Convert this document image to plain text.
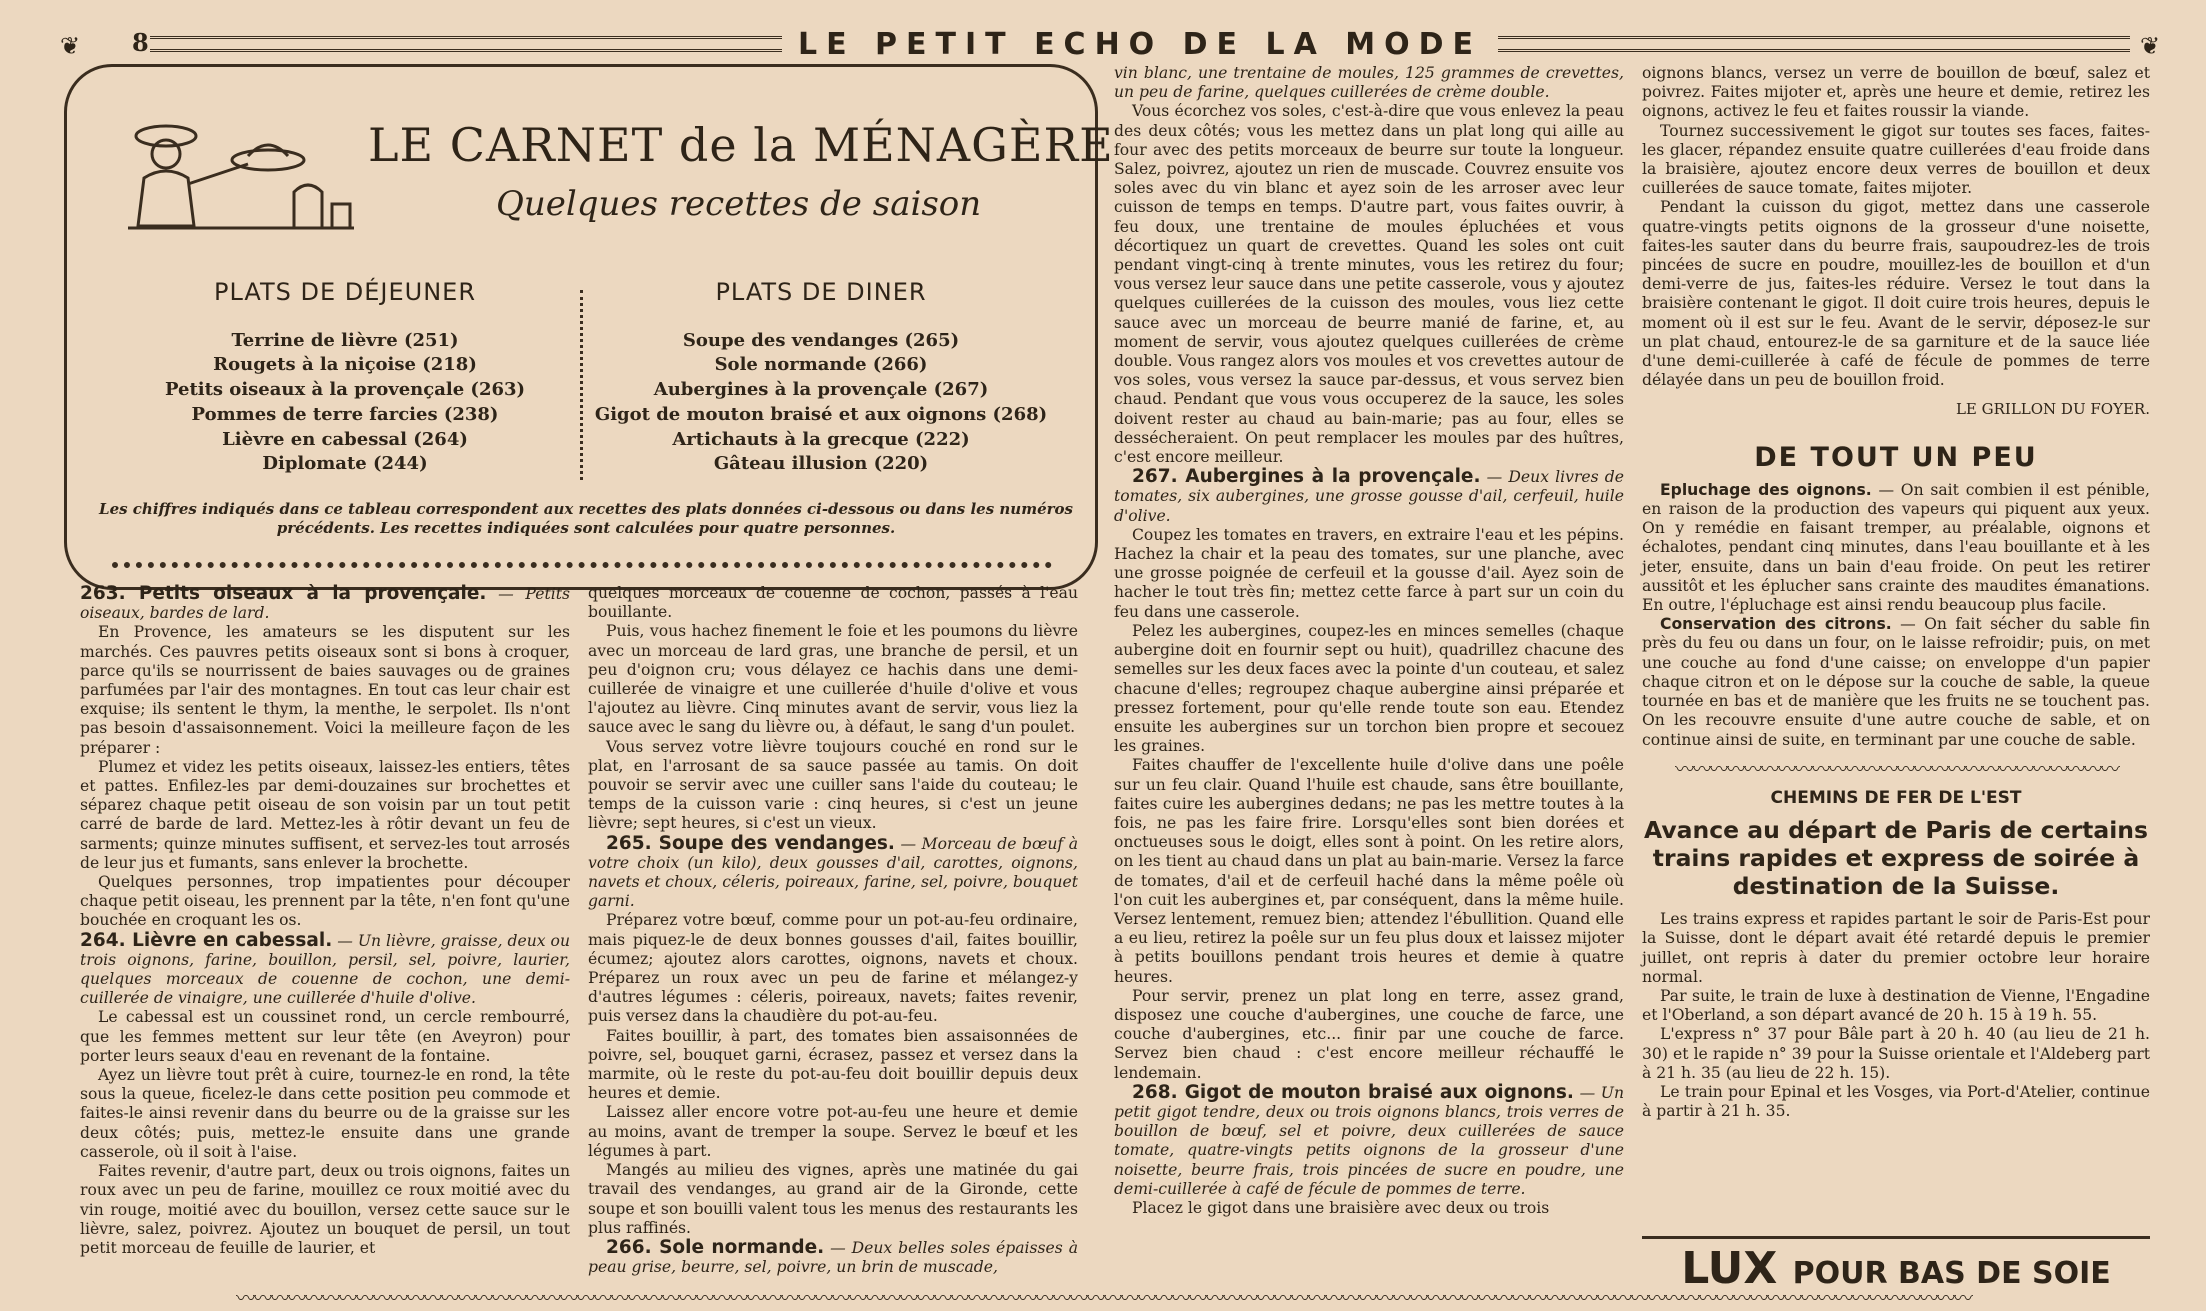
❦ 8	LE PETIT ECHO DE LA MODE	❦
LE CARNET de la MÉNAGÈRE
Quelques recettes de saison
PLATS DE DÉJEUNER
Terrine de lièvre (251)
Rougets à la niçoise (218)
Petits oiseaux à la provençale (263)
Pommes de terre farcies (238)
Lièvre en cabessal (264)
Diplomate (244)
PLATS DE DINER
Soupe des vendanges (265)
Sole normande (266)
Aubergines à la provençale (267)
Gigot de mouton braisé et aux oignons (268)
Artichauts à la grecque (222)
Gâteau illusion (220)
Les chiffres indiqués dans ce tableau correspondent aux recettes des plats données ci-dessous ou dans les numéros précédents. Les recettes indiquées sont calculées pour quatre personnes.

263. Petits oiseaux à la provençale. — Petits oiseaux, bardes de lard.

En Provence, les amateurs se les disputent sur les marchés. Ces pauvres petits oiseaux sont si bons à croquer, parce qu'ils se nourrissent de baies sauvages ou de graines parfumées par l'air des montagnes. En tout cas leur chair est exquise; ils sentent le thym, la menthe, le serpolet. Ils n'ont pas besoin d'assaisonnement. Voici la meilleure façon de les préparer :

Plumez et videz les petits oiseaux, laissez-les entiers, têtes et pattes. Enfilez-les par demi-douzaines sur brochettes et séparez chaque petit oiseau de son voisin par un tout petit carré de barde de lard. Mettez-les à rôtir devant un feu de sarments; quinze minutes suffisent, et servez-les tout arrosés de leur jus et fumants, sans enlever la brochette.

Quelques personnes, trop impatientes pour découper chaque petit oiseau, les prennent par la tête, n'en font qu'une bouchée en croquant les os.

264. Lièvre en cabessal. — Un lièvre, graisse, deux ou trois oignons, farine, bouillon, persil, sel, poivre, laurier, quelques morceaux de couenne de cochon, une demi-cuillerée de vinaigre, une cuillerée d'huile d'olive.

Le cabessal est un coussinet rond, un cercle rembourré, que les femmes mettent sur leur tête (en Aveyron) pour porter leurs seaux d'eau en revenant de la fontaine.

Ayez un lièvre tout prêt à cuire, tournez-le en rond, la tête sous la queue, ficelez-le dans cette position peu commode et faites-le ainsi revenir dans du beurre ou de la graisse sur les deux côtés; puis, mettez-le ensuite dans une grande casserole, où il soit à l'aise.

Faites revenir, d'autre part, deux ou trois oignons, faites un roux avec un peu de farine, mouillez ce roux moitié avec du vin rouge, moitié avec du bouillon, versez cette sauce sur le lièvre, salez, poivrez. Ajoutez un bouquet de persil, un tout petit morceau de feuille de laurier, et

quelques morceaux de couenne de cochon, passés à l'eau bouillante.

Puis, vous hachez finement le foie et les poumons du lièvre avec un morceau de lard gras, une branche de persil, et un peu d'oignon cru; vous délayez ce hachis dans une demi-cuillerée de vinaigre et une cuillerée d'huile d'olive et vous l'ajoutez au lièvre. Cinq minutes avant de servir, vous liez la sauce avec le sang du lièvre ou, à défaut, le sang d'un poulet.

Vous servez votre lièvre toujours couché en rond sur le plat, en l'arrosant de sa sauce passée au tamis. On doit pouvoir se servir avec une cuiller sans l'aide du couteau; le temps de la cuisson varie : cinq heures, si c'est un jeune lièvre; sept heures, si c'est un vieux.

265. Soupe des vendanges. — Morceau de bœuf à votre choix (un kilo), deux gousses d'ail, carottes, oignons, navets et choux, céleris, poireaux, farine, sel, poivre, bouquet garni.

Préparez votre bœuf, comme pour un pot-au-feu ordinaire, mais piquez-le de deux bonnes gousses d'ail, faites bouillir, écumez; ajoutez alors carottes, oignons, navets et choux. Préparez un roux avec un peu de farine et mélangez-y d'autres légumes : céleris, poireaux, navets; faites revenir, puis versez dans la chaudière du pot-au-feu.

Faites bouillir, à part, des tomates bien assaisonnées de poivre, sel, bouquet garni, écrasez, passez et versez dans la marmite, où le reste du pot-au-feu doit bouillir depuis deux heures et demie.

Laissez aller encore votre pot-au-feu une heure et demie au moins, avant de tremper la soupe. Servez le bœuf et les légumes à part.

Mangés au milieu des vignes, après une matinée du gai travail des vendanges, au grand air de la Gironde, cette soupe et son bouilli valent tous les menus des restaurants les plus raffinés.

266. Sole normande. — Deux belles soles épaisses à peau grise, beurre, sel, poivre, un brin de muscade,

vin blanc, une trentaine de moules, 125 grammes de crevettes, un peu de farine, quelques cuillerées de crème double.

Vous écorchez vos soles, c'est-à-dire que vous enlevez la peau des deux côtés; vous les mettez dans un plat long qui aille au four avec des petits morceaux de beurre sur toute la longueur. Salez, poivrez, ajoutez un rien de muscade. Couvrez ensuite vos soles avec du vin blanc et ayez soin de les arroser avec leur cuisson de temps en temps. D'autre part, vous faites ouvrir, à feu doux, une trentaine de moules épluchées et vous décortiquez un quart de crevettes. Quand les soles ont cuit pendant vingt-cinq à trente minutes, vous les retirez du four; vous versez leur sauce dans une petite casserole, vous y ajoutez quelques cuillerées de la cuisson des moules, vous liez cette sauce avec un morceau de beurre manié de farine, et, au moment de servir, vous ajoutez quelques cuillerées de crème double. Vous rangez alors vos moules et vos crevettes autour de vos soles, vous versez la sauce par-dessus, et vous servez bien chaud. Pendant que vous vous occuperez de la sauce, les soles doivent rester au chaud au bain-marie; pas au four, elles se dessécheraient. On peut remplacer les moules par des huîtres, c'est encore meilleur.

267. Aubergines à la provençale. — Deux livres de tomates, six aubergines, une grosse gousse d'ail, cerfeuil, huile d'olive.

Coupez les tomates en travers, en extraire l'eau et les pépins. Hachez la chair et la peau des tomates, sur une planche, avec une grosse poignée de cerfeuil et la gousse d'ail. Ayez soin de hacher le tout très fin; mettez cette farce à part sur un coin du feu dans une casserole.

Pelez les aubergines, coupez-les en minces semelles (chaque aubergine doit en fournir sept ou huit), quadrillez chacune des semelles sur les deux faces avec la pointe d'un couteau, et salez chacune d'elles; regroupez chaque aubergine ainsi préparée et pressez fortement, pour qu'elle rende toute son eau. Etendez ensuite les aubergines sur un torchon bien propre et secouez les graines.

Faites chauffer de l'excellente huile d'olive dans une poêle sur un feu clair. Quand l'huile est chaude, sans être bouillante, faites cuire les aubergines dedans; ne pas les mettre toutes à la fois, ne pas les faire frire. Lorsqu'elles sont bien dorées et onctueuses sous le doigt, elles sont à point. On les retire alors, on les tient au chaud dans un plat au bain-marie. Versez la farce de tomates, d'ail et de cerfeuil haché dans la même poêle où l'on cuit les aubergines et, par conséquent, dans la même huile. Versez lentement, remuez bien; attendez l'ébullition. Quand elle a eu lieu, retirez la poêle sur un feu plus doux et laissez mijoter à petits bouillons pendant trois heures et demie à quatre heures.

Pour servir, prenez un plat long en terre, assez grand, disposez une couche d'aubergines, une couche de farce, une couche d'aubergines, etc... finir par une couche de farce. Servez bien chaud : c'est encore meilleur réchauffé le lendemain.

268. Gigot de mouton braisé aux oignons. — Un petit gigot tendre, deux ou trois oignons blancs, trois verres de bouillon de bœuf, sel et poivre, deux cuillerées de sauce tomate, quatre-vingts petits oignons de la grosseur d'une noisette, beurre frais, trois pincées de sucre en poudre, une demi-cuillerée à café de fécule de pommes de terre.

Placez le gigot dans une braisière avec deux ou trois

oignons blancs, versez un verre de bouillon de bœuf, salez et poivrez. Faites mijoter et, après une heure et demie, retirez les oignons, activez le feu et faites roussir la viande.

Tournez successivement le gigot sur toutes ses faces, faites-les glacer, répandez ensuite quatre cuillerées d'eau froide dans la braisière, ajoutez encore deux verres de bouillon et deux cuillerées de sauce tomate, faites mijoter.

Pendant la cuisson du gigot, mettez dans une casserole quatre-vingts petits oignons de la grosseur d'une noisette, faites-les sauter dans du beurre frais, saupoudrez-les de trois pincées de sucre en poudre, mouillez-les de bouillon et d'un demi-verre de jus, faites-les réduire. Versez le tout dans la braisière contenant le gigot. Il doit cuire trois heures, depuis le moment où il est sur le feu. Avant de le servir, déposez-le sur un plat chaud, entourez-le de sa garniture et de la sauce liée d'une demi-cuillerée à café de fécule de pommes de terre délayée dans un peu de bouillon froid.

LE GRILLON DU FOYER.
DE TOUT UN PEU

Epluchage des oignons. — On sait combien il est pénible, en raison de la production des vapeurs qui piquent aux yeux. On y remédie en faisant tremper, au préalable, oignons et échalotes, pendant cinq minutes, dans l'eau bouillante et à les jeter, ensuite, dans un bain d'eau froide. On peut les retirer aussitôt et les éplucher sans crainte des maudites émanations. En outre, l'épluchage est ainsi rendu beaucoup plus facile.

Conservation des citrons. — On fait sécher du sable fin près du feu ou dans un four, on le laisse refroidir; puis, on met une couche au fond d'une caisse; on enveloppe d'un papier chaque citron et on le dépose sur la couche de sable, la queue tournée en bas et de manière que les fruits ne se touchent pas. On les recouvre ensuite d'une autre couche de sable, et on continue ainsi de suite, en terminant par une couche de sable.

〰〰〰〰〰〰〰〰〰〰〰〰〰〰〰〰〰〰〰〰〰〰〰〰〰〰
CHEMINS DE FER DE L'EST
Avance au départ de Paris de certains trains rapides et express de soirée à destination de la Suisse.

Les trains express et rapides partant le soir de Paris-Est pour la Suisse, dont le départ avait été retardé depuis le premier juillet, ont repris à dater du premier octobre leur horaire normal.

Par suite, le train de luxe à destination de Vienne, l'Engadine et l'Oberland, a son départ avancé de 20 h. 15 à 19 h. 55.

L'express n° 37 pour Bâle part à 20 h. 40 (au lieu de 21 h. 30) et le rapide n° 39 pour la Suisse orientale et l'Aldeberg part à 21 h. 35 (au lieu de 22 h. 15).

Le train pour Epinal et les Vosges, via Port-d'Atelier, continue à partir à 21 h. 35.

LUX POUR BAS DE SOIE
〰〰〰〰〰〰〰〰〰〰〰〰〰〰〰〰〰〰〰〰〰〰〰〰〰〰〰〰〰〰〰〰〰〰〰〰〰〰〰〰〰〰〰〰〰〰〰〰〰〰〰〰〰〰〰〰〰〰〰〰〰〰〰〰〰〰〰〰〰〰〰〰〰〰〰〰〰〰〰〰〰〰〰〰〰〰〰〰〰〰〰〰〰〰〰〰〰〰〰〰〰〰
